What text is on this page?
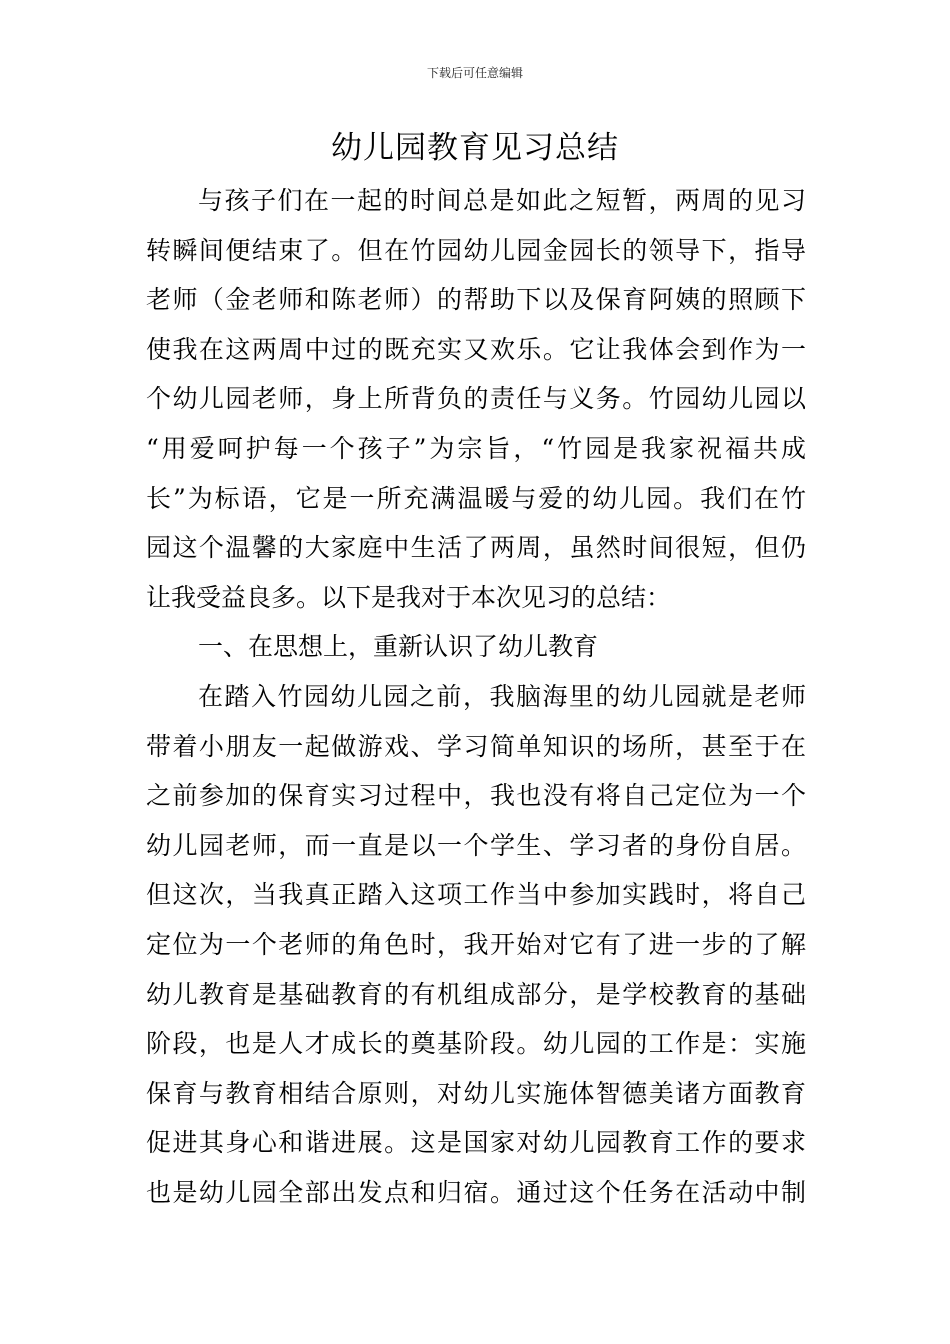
下载后可任意编辑
幼儿园教育见习总结
与孩子们在一起的时间总是如此之短暂，两周的见习
转瞬间便结束了。但在竹园幼儿园金园长的领导下，指导
老师（金老师和陈老师）的帮助下以及保育阿姨的照顾下
使我在这两周中过的既充实又欢乐。它让我体会到作为一
个幼儿园老师，身上所背负的责任与义务。竹园幼儿园以
“用爱呵护每一个孩子”为宗旨，“竹园是我家祝福共成
长”为标语，它是一所充满温暖与爱的幼儿园。我们在竹
园这个温馨的大家庭中生活了两周，虽然时间很短，但仍
让我受益良多。以下是我对于本次见习的总结：
一、在思想上，重新认识了幼儿教育
在踏入竹园幼儿园之前，我脑海里的幼儿园就是老师
带着小朋友一起做游戏、学习简单知识的场所，甚至于在
之前参加的保育实习过程中，我也没有将自己定位为一个
幼儿园老师，而一直是以一个学生、学习者的身份自居。
但这次，当我真正踏入这项工作当中参加实践时，将自己
定位为一个老师的角色时，我开始对它有了进一步的了解
幼儿教育是基础教育的有机组成部分，是学校教育的基础
阶段，也是人才成长的奠基阶段。幼儿园的工作是：实施
保育与教育相结合原则，对幼儿实施体智德美诸方面教育
促进其身心和谐进展。这是国家对幼儿园教育工作的要求
也是幼儿园全部出发点和归宿。通过这个任务在活动中制
